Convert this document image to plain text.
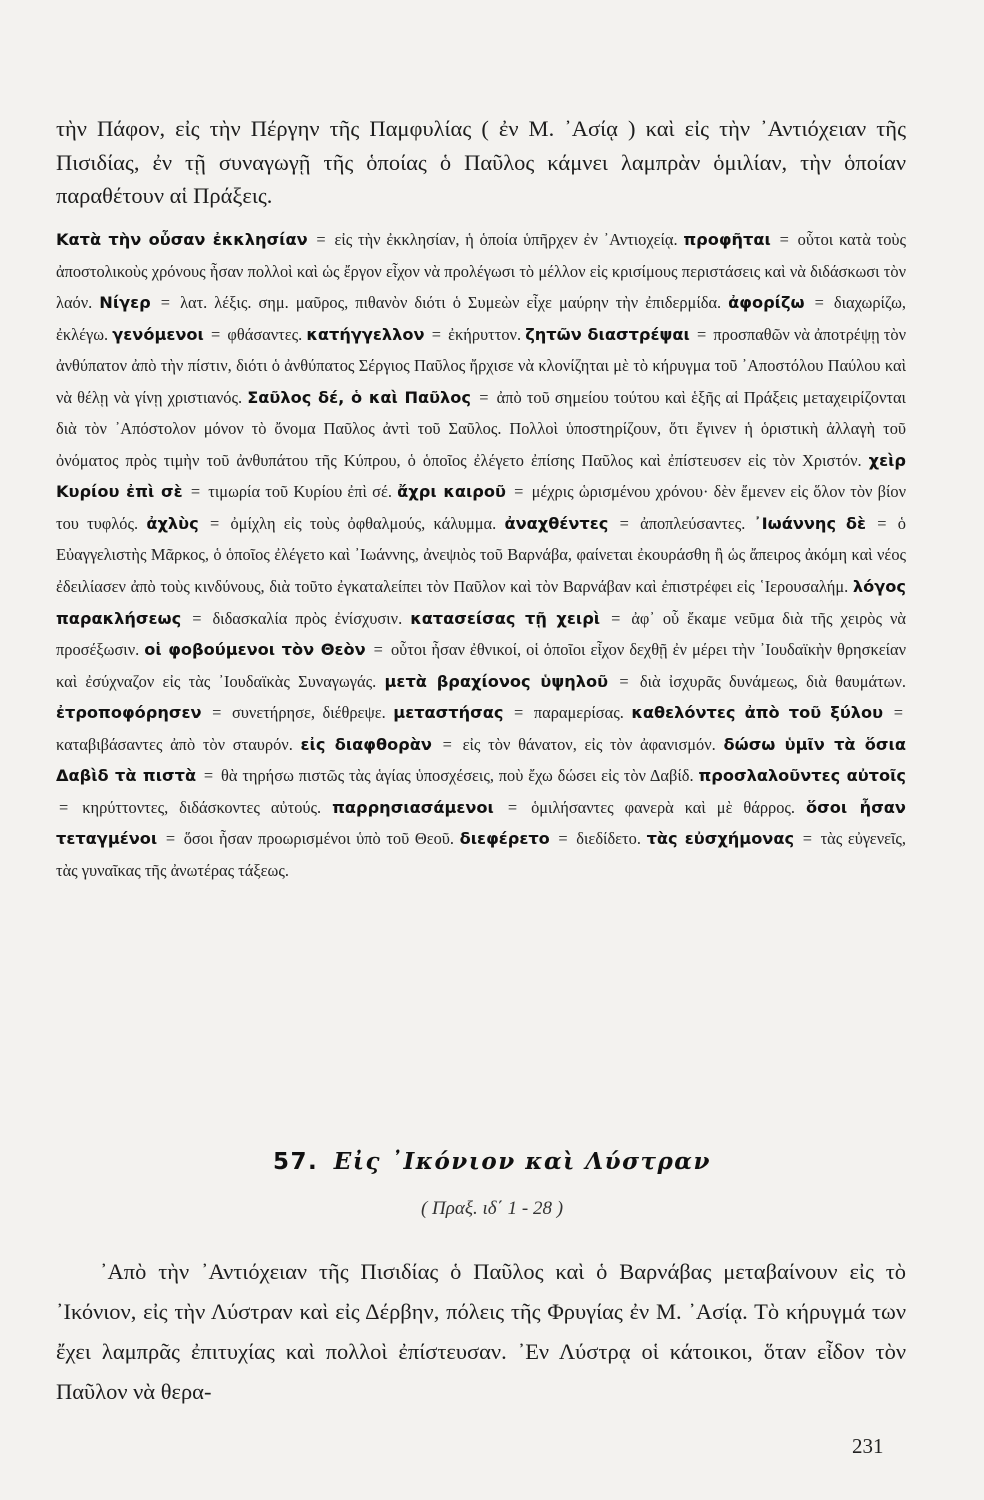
τὴν Πάφον, εἰς τὴν Πέργην τῆς Παμφυλίας ( ἐν Μ. ᾿Ασίᾳ ) καὶ εἰς τὴν ᾿Αντιόχειαν τῆς Πισιδίας, ἐν τῇ συναγωγῇ τῆς ὁποίας ὁ Παῦλος κάμνει λαμπρὰν ὁμιλίαν, τὴν ὁποίαν παραθέτουν αἱ Πράξεις.
Κατὰ τὴν οὖσαν ἐκκλησίαν = εἰς τὴν ἐκκλησίαν, ἡ ὁποία ὑπῆρχεν ἐν ᾿Αντιοχείᾳ. προφῆται = οὗτοι κατὰ τοὺς ἀποστολικοὺς χρόνους ἦσαν πολλοὶ καὶ ὡς ἔργον εἶχον νὰ προλέγωσι τὸ μέλλον εἰς κρισίμους περιστάσεις καὶ νὰ διδάσκωσι τὸν λαόν. Νίγερ = λατ. λέξις. σημ. μαῦρος, πιθανὸν διότι ὁ Συμεὼν εἶχε μαύρην τὴν ἐπιδερμίδα. ἀφορίζω = διαχωρίζω, ἐκλέγω. γενόμενοι = φθάσαντες. κατήγγελλον = ἐκήρυττον. ζητῶν διαστρέψαι = προσπαθῶν νὰ ἀποτρέψῃ τὸν ἀνθύπατον ἀπὸ τὴν πίστιν, διότι ὁ ἀνθύπατος Σέργιος Παῦλος ἤρχισε νὰ κλονίζηται μὲ τὸ κήρυγμα τοῦ ᾿Αποστόλου Παύλου καὶ νὰ θέλῃ νὰ γίνῃ χριστιανός. Σαῦλος δέ, ὁ καὶ Παῦλος = ἀπὸ τοῦ σημείου τούτου καὶ ἑξῆς αἱ Πράξεις μεταχειρίζονται διὰ τὸν ᾿Απόστολον μόνον τὸ ὄνομα Παῦλος ἀντὶ τοῦ Σαῦλος. Πολλοὶ ὑποστηρίζουν, ὅτι ἔγινεν ἡ ὁριστικὴ ἀλλαγὴ τοῦ ὀνόματος πρὸς τιμὴν τοῦ ἀνθυπάτου τῆς Κύπρου, ὁ ὁποῖος ἐλέγετο ἐπίσης Παῦλος καὶ ἐπίστευσεν εἰς τὸν Χριστόν. χεὶρ Κυρίου ἐπὶ σὲ = τιμωρία τοῦ Κυρίου ἐπὶ σέ. ἄχρι καιροῦ = μέχρις ὡρισμένου χρόνου· δὲν ἔμενεν εἰς ὅλον τὸν βίον του τυφλός. ἀχλὺς = ὀμίχλη εἰς τοὺς ὀφθαλμούς, κάλυμμα. ἀναχθέντες = ἀποπλεύσαντες. ᾿Ιωάννης δὲ = ὁ Εὐαγγελιστὴς Μᾶρκος, ὁ ὁποῖος ἐλέγετο καὶ ᾿Ιωάννης, ἀνεψιὸς τοῦ Βαρνάβα, φαίνεται ἐκουράσθη ἢ ὡς ἄπειρος ἀκόμη καὶ νέος ἐδειλίασεν ἀπὸ τοὺς κινδύνους, διὰ τοῦτο ἐγκαταλείπει τὸν Παῦλον καὶ τὸν Βαρνάβαν καὶ ἐπιστρέφει εἰς ῾Ιερουσαλήμ. λόγος παρακλήσεως = διδασκαλία πρὸς ἐνίσχυσιν. κατασείσας τῇ χειρὶ = ἀφ᾿ οὗ ἔκαμε νεῦμα διὰ τῆς χειρὸς νὰ προσέξωσιν. οἱ φοβούμενοι τὸν Θεὸν = οὗτοι ἦσαν ἐθνικοί, οἱ ὁποῖοι εἶχον δεχθῇ ἐν μέρει τὴν ᾿Ιουδαϊκὴν θρησκείαν καὶ ἐσύχναζον εἰς τὰς ᾿Ιουδαϊκὰς Συναγωγάς. μετὰ βραχίονος ὑψηλοῦ = διὰ ἰσχυρᾶς δυνάμεως, διὰ θαυμάτων. ἐτροποφόρησεν = συνετήρησε, διέθρεψε. μεταστήσας = παραμερίσας. καθελόντες ἀπὸ τοῦ ξύλου = καταβιβάσαντες ἀπὸ τὸν σταυρόν. εἰς διαφθορὰν = εἰς τὸν θάνατον, εἰς τὸν ἀφανισμόν. δώσω ὑμῖν τὰ ὅσια Δαβὶδ τὰ πιστὰ = θὰ τηρήσω πιστῶς τὰς ἁγίας ὑποσχέσεις, ποὺ ἔχω δώσει εἰς τὸν Δαβίδ. προσλαλοῦντες αὐτοῖς = κηρύττοντες, διδάσκοντες αὐτούς. παρρησιασάμενοι = ὁμιλήσαντες φανερὰ καὶ μὲ θάρρος. ὅσοι ἦσαν τεταγμένοι = ὅσοι ἦσαν προωρισμένοι ὑπὸ τοῦ Θεοῦ. διεφέρετο = διεδίδετο. τὰς εὐσχήμονας = τὰς εὐγενεῖς, τὰς γυναῖκας τῆς ἀνωτέρας τάξεως.
57. Εἰς ᾿Ικόνιον καὶ Λύστραν
( Πραξ. ιδ΄ 1 - 28 )
᾿Απὸ τὴν ᾿Αντιόχειαν τῆς Πισιδίας ὁ Παῦλος καὶ ὁ Βαρνάβας μεταβαίνουν εἰς τὸ ᾿Ικόνιον, εἰς τὴν Λύστραν καὶ εἰς Δέρβην, πόλεις τῆς Φρυγίας ἐν Μ. ᾿Ασίᾳ. Τὸ κήρυγμά των ἔχει λαμπρᾶς ἐπιτυχίας καὶ πολλοὶ ἐπίστευσαν. ᾿Εν Λύστρᾳ οἱ κάτοικοι, ὅταν εἶδον τὸν Παῦλον νὰ θερα-
231
